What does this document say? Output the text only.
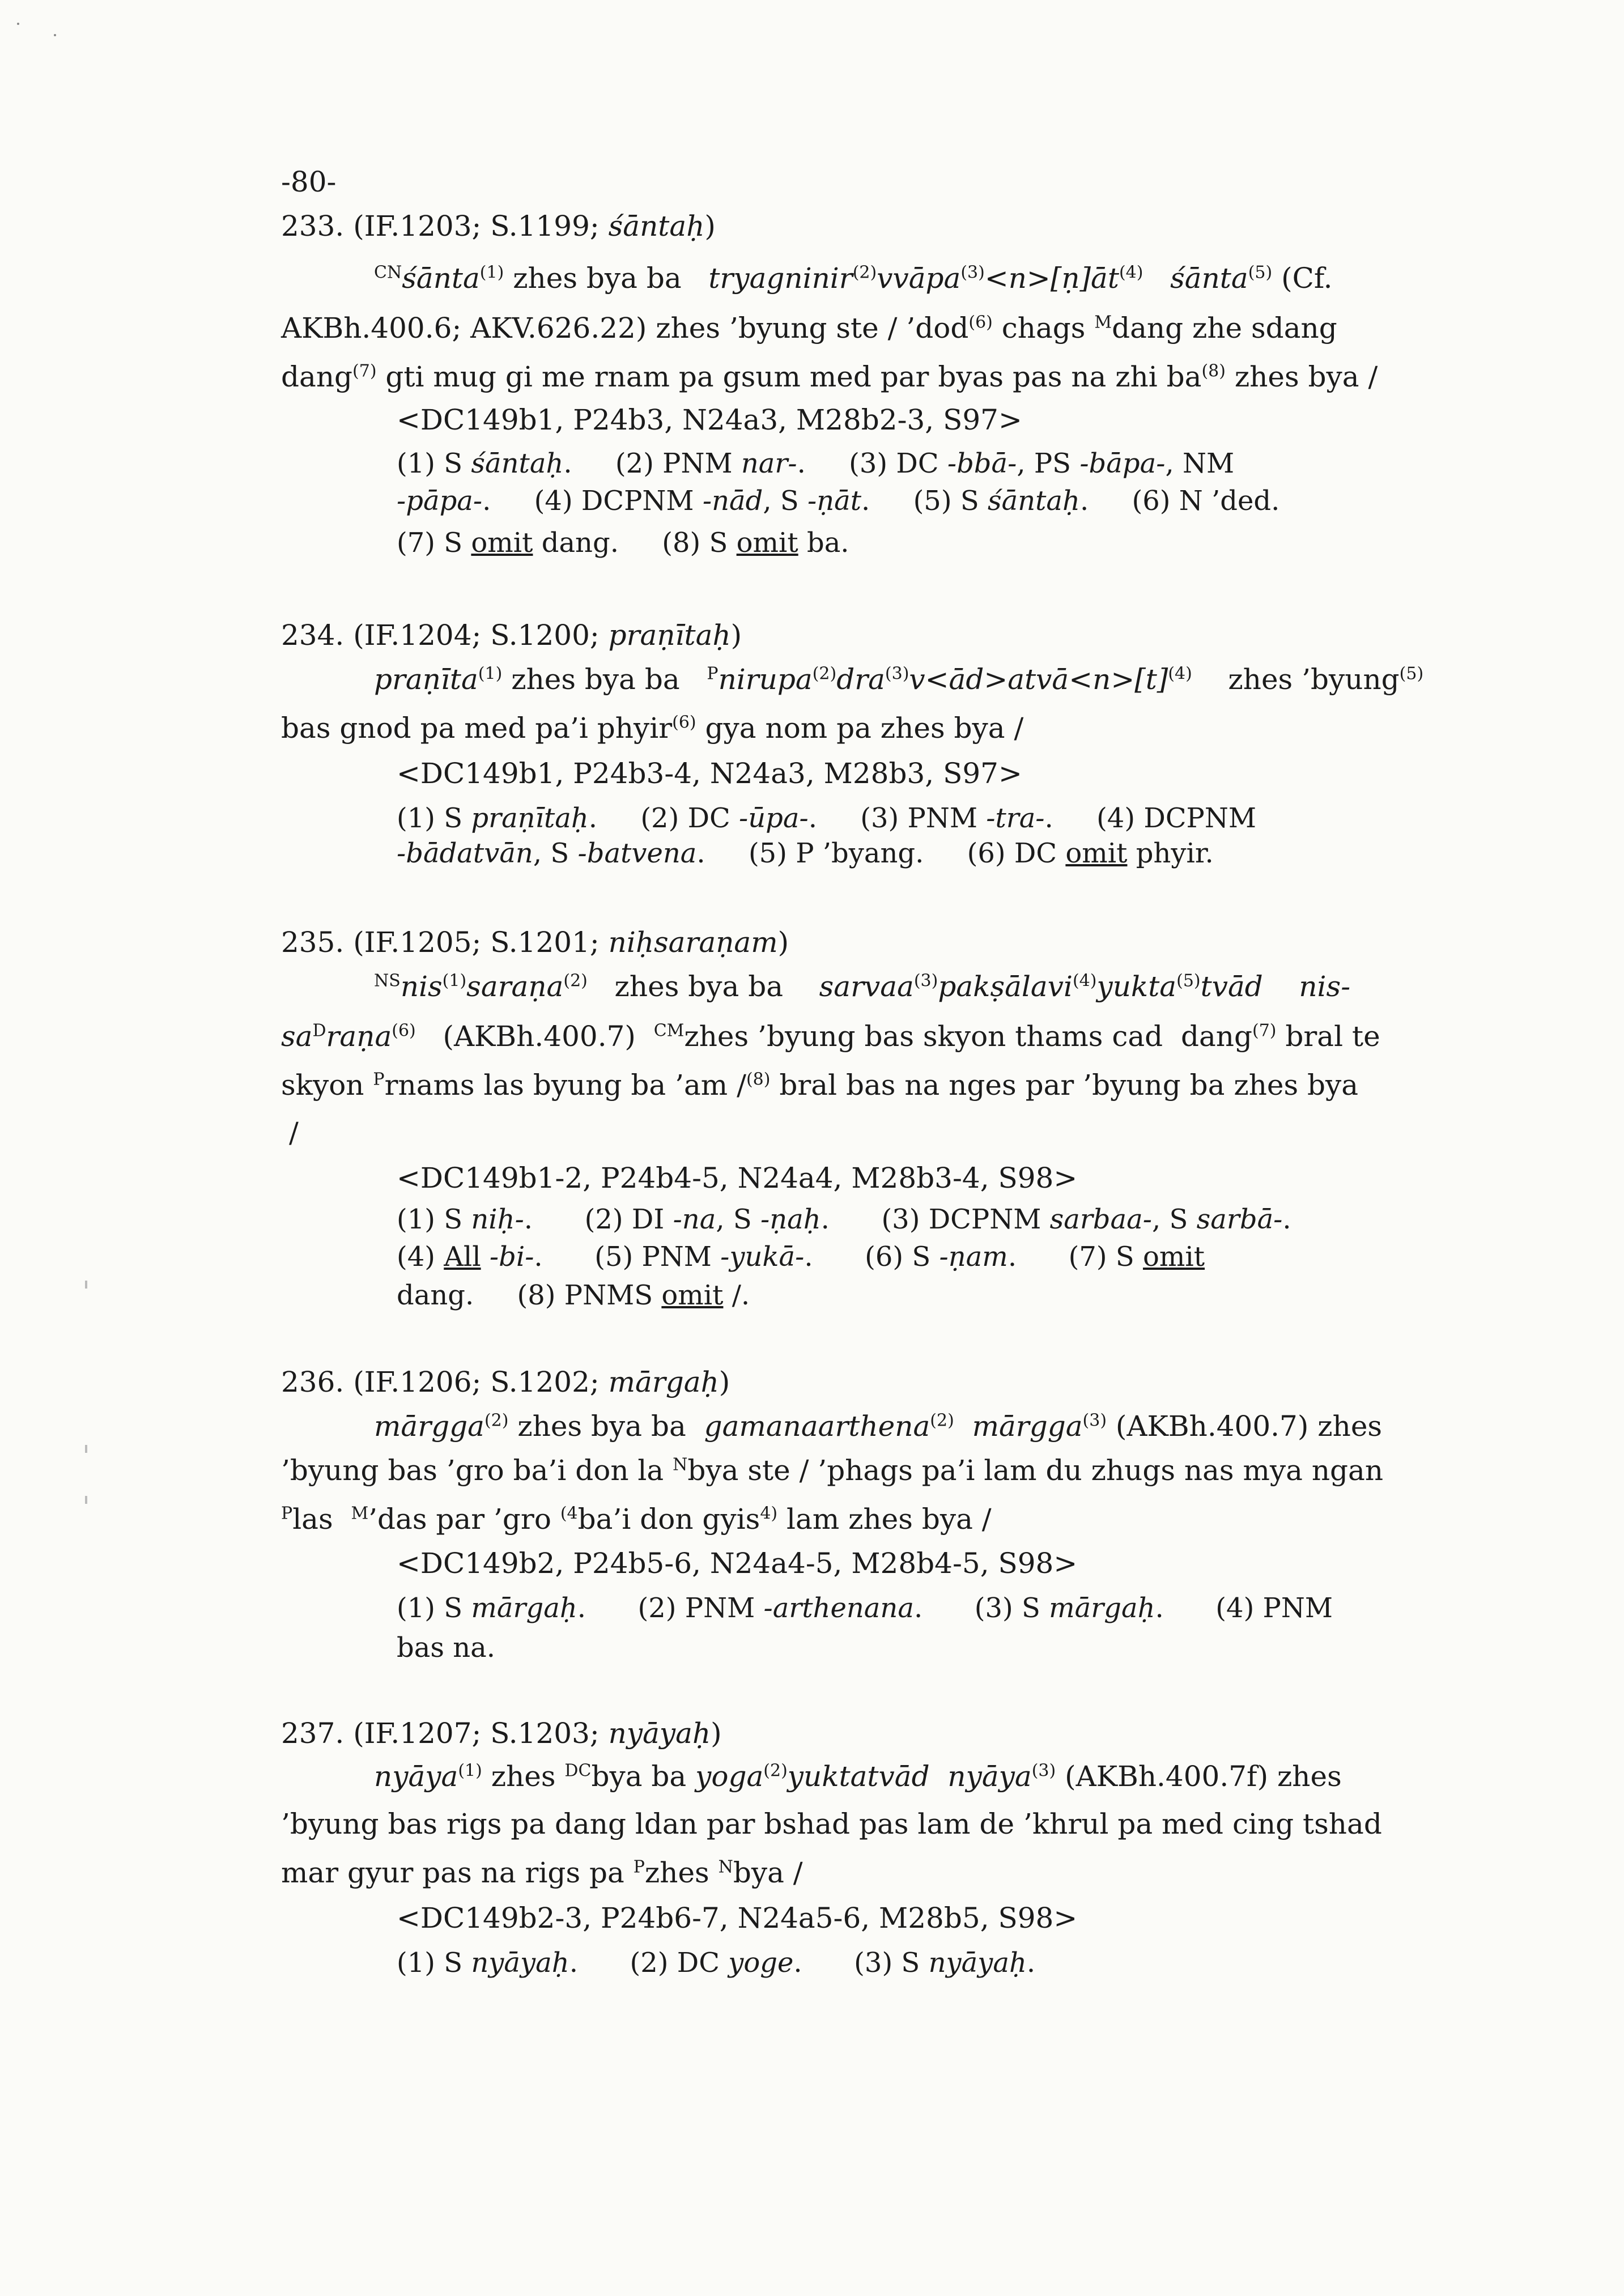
-80-
233. (IF.1203; S.1199; śāntaḥ)
$^{CN}$śānta$^{(1)}$ zhes bya ba   $tryagninir^{(2)}vvāpa^{(3)}<n>[ṇ]āt^{(4)}$ śānta$^{(5)}$ (Cf.
AKBh.400.6; AKV.626.22) zhes ’byung ste / ’dod$^{(6)}$ chags $^M$dang zhe sdang
dang$^{(7)}$ gti mug gi me rnam pa gsum med par byas pas na zhi $ba^{(8)}$ zhes bya /
<DC149b1, P24b3, N24a3, M28b2-3, S97>
(1) S śāntaḥ.     (2) PNM nar-.     (3) DC -bbā-, PS -bāpa-, NM
-pāpa-.     (4) DCPNM -nād, S -ṇāt.     (5) S śāntaḥ.     (6) N ’ded.
(7) S omit dang.     (8) S omit ba.
234. (IF.1204; S.1200; praṇītaḥ)
praṇīta$^{(1)}$ zhes bya ba   $^Pnirupa^{(2)}dra^{(3)}v<ād>atvā<n>[t]^{(4)}$    zhes ’byung$^{(5)}$
bas gnod pa med pa’i phyir$^{(6)}$ gya nom pa zhes bya /
<DC149b1, P24b3-4, N24a3, M28b3, S97>
(1) S praṇītaḥ.     (2) DC -ūpa-.     (3) PNM -tra-.     (4) DCPNM
-bādatvān, S -batvena.     (5) P ’byang.     (6) DC omit phyir.
235. (IF.1205; S.1201; niḥsaraṇam)
$^{NS}$nis$^{(1)}$saraṇa$^{(2)}$   zhes bya ba    sarvaa$^{(3)}$pakṣālavi$^{(4)}$yukta$^{(5)}$tvād nis-
$sa^Draṇa^{(6)}$   (AKBh.400.7)  $^{CM}$zhes ’byung bas skyon thams cad  dang$^{(7)}$ bral te
skyon $^P$rnams las byung ba ’am /$^{(8)}$ bral bas na nges par ’byung ba zhes bya
/
<DC149b1-2, P24b4-5, N24a4, M28b3-4, S98>
(1) S niḥ-.      (2) DI -na, S -ṇaḥ.      (3) DCPNM sarbaa-, S sarbā-.
(4) All -bi-.      (5) PNM -yukā-.      (6) S -ṇam.      (7) S omit
dang.     (8) PNMS omit /.
236. (IF.1206; S.1202; mārgaḥ)
mārgga$^{(2)}$ zhes bya ba  gamanaarthena$^{(2)}$ mārgga$^{(3)}$ (AKBh.400.7) zhes
’byung bas ’gro ba’i don la $^N$bya ste / ’phags pa’i lam du zhugs nas mya ngan
$^P$las  $^M$’das par ’gro $^{(4}$ba’i don gyis$^{4)}$ lam zhes bya /
<DC149b2, P24b5-6, N24a4-5, M28b4-5, S98>
(1) S mārgaḥ.      (2) PNM -arthenana.      (3) S mārgaḥ.      (4) PNM
bas na.
237. (IF.1207; S.1203; nyāyaḥ)
nyāya$^{(1)}$ zhes $^{DC}$bya ba yoga$^{(2)}$yuktatvād nyāya$^{(3)}$ (AKBh.400.7f) zhes
’byung bas rigs pa dang ldan par bshad pas lam de ’khrul pa med cing tshad
mar gyur pas na rigs pa $^P$zhes $^N$bya /
<DC149b2-3, P24b6-7, N24a5-6, M28b5, S98>
(1) S nyāyaḥ.      (2) DC yoge.      (3) S nyāyaḥ.
